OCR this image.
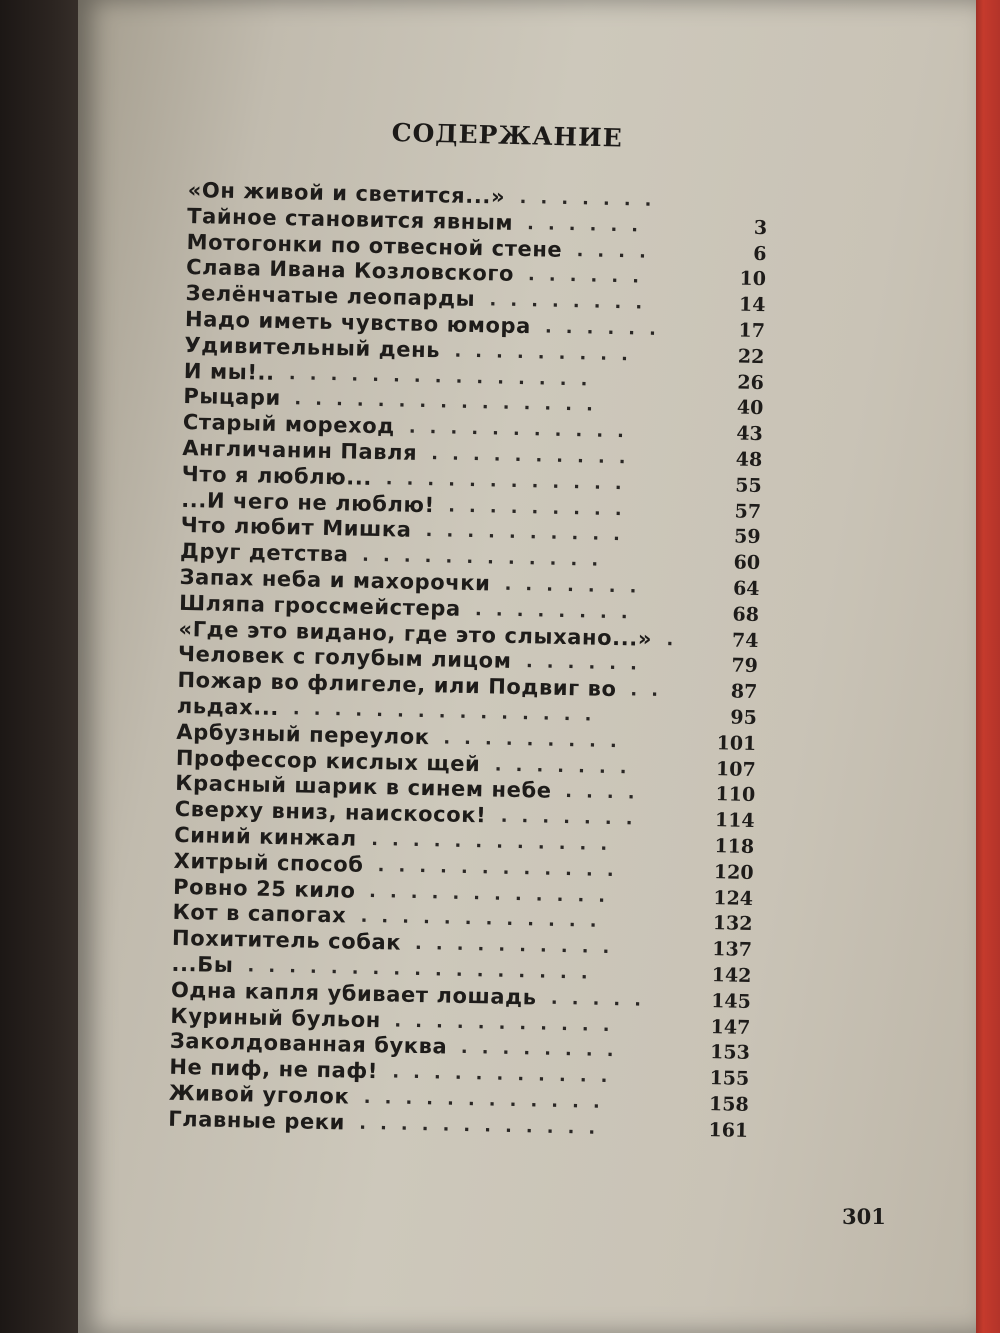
СОДЕРЖАНИЕ
«Он живой и светится...» .......
Тайное становится явным	3
......
Мотогонки по отвесной стене	6
....
Слава Ивана Козловского	10
......
Зелёнчатые леопарды	14
........
Надо иметь чувство юмора	17
......
Удивительный день	22
.........
И мы!..	26
...............
Рыцари	40
...............
Старый мореход	43
...........
Англичанин Павля	48
..........
Что я люблю...	55
............
...И чего не люблю!	57
.........
Что любит Мишка	59
..........
Друг детства	60
............
Запах неба и махорочки	64
.......
Шляпа гроссмейстера	68
........
«Где это видано, где это слыхано...»	74
.
Человек с голубым лицом	79
......
Пожар во флигеле, или Подвиг во	87
..
льдах...	95
...............
Арбузный переулок	101
.........
Профессор кислых щей	107
.......
Красный шарик в синем небе	110
....
Сверху вниз, наискосок!	114
.......
Синий кинжал	118
............
Хитрый способ	120
............
Ровно 25 кило	124
............
Кот в сапогах	132
............
Похититель собак	137
..........
...Бы	142
.................
Одна капля убивает лошадь	145
.....
Куриный бульон	147
...........
Заколдованная буква	153
........
Не пиф, не паф!	155
...........
Живой уголок	158
............
Главные реки	161
............
301
